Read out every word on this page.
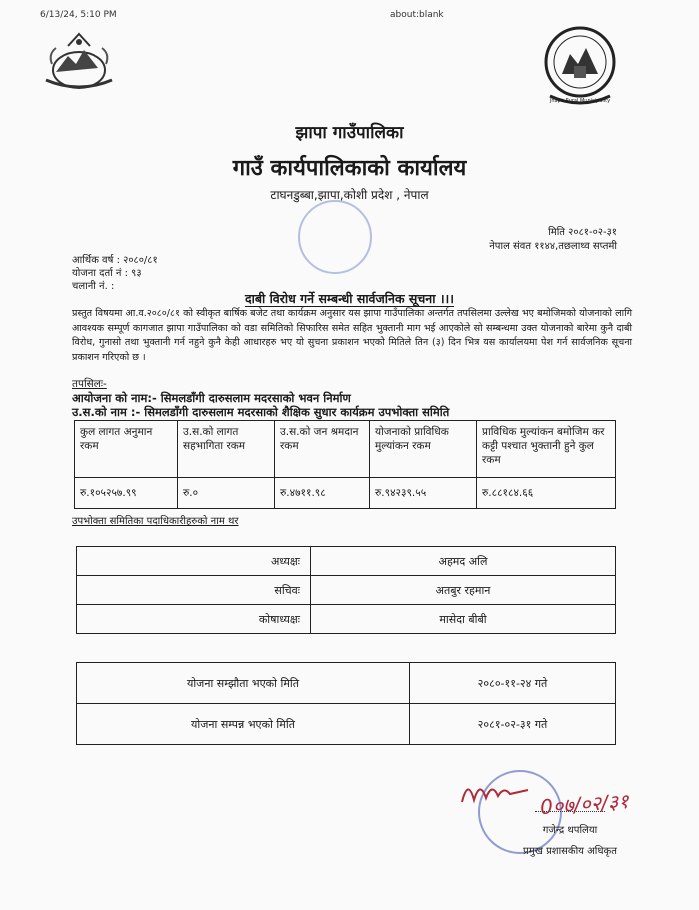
6/13/24, 5:10 PM	about:blank
Jhapa Rural Municipality
झापा गाउँपालिका
गाउँ कार्यपालिकाको कार्यालय
टाघनडुब्बा,झापा,कोशी प्रदेश , नेपाल
मिति २०८१-०२-३१
नेपाल संवत ११४४,तछलाथ्व सप्तमी
आर्थिक वर्ष : २०८०/८१
योजना दर्ता नं : ९३
चलानी नं. :
दाबी विरोध गर्ने सम्बन्धी सार्वजनिक सूचना ।।।
प्रस्तुत विषयमा आ.व.२०८०/८१ को स्वीकृत बार्षिक बजेट तथा कार्यक्रम अनुसार यस झापा गाउँपालिका अन्तर्गत तपसिलमा उल्लेख भए बमोजिमको योजनाको लागि आवश्यक सम्पूर्ण कागजात झापा गाउँपालिका को वडा समितिको सिफारिस समेत सहित भुक्तानी माग भई आएकोले सो सम्बन्धमा उक्त योजनाको बारेमा कुनै दाबी विरोध, गुनासो तथा भुक्तानी गर्न नहुने कुनै केही आधारहरु भए यो सुचना प्रकाशन भएकोे मितिले तिन (३) दिन भित्र यस कार्यालयमा पेश गर्न सार्वजनिक सूचना प्रकाशन गरिएको छ ।
तपसिलः-
आयोजना को नाम:- सिमलडाँगी दारुसलाम मदरसाको भवन निर्माण
उ.स.को नाम :- सिमलडाँगी दारुसलाम मदरसाको शैक्षिक सुधार कार्यक्रम उपभोक्ता समिति
कुल लागत अनुमान रकम	उ.स.को लागत सहभागिता रकम	उ.स.को जन श्रमदान रकम	योजनाको प्राविधिक मुल्यांकन रकम	प्राविधिक मुल्यांकन बमोजिम कर कट्टी पश्चात भुक्तानी हुने कुल रकम
रु.१०५२५७.९९	रु.०	रु.४७११.९८	रु.९४२३९.५५	रु.८८१८४.६६
उपभोक्ता समितिका पदाधिकारीहरुको नाम थर
अध्यक्षः	अहमद अलि
सचिवः	अतबुर रहमान
कोषाध्यक्षः	मासेदा बीबी
योजना सम्झौता भएको मिति	२०८०-११-२४ गते
योजना सम्पन्न भएको मिति	२०८१-०२-३१ गते
0०७/०२/३१
गजेन्द्र थपलिया
प्रमुख प्रशासकीय अधिकृत
